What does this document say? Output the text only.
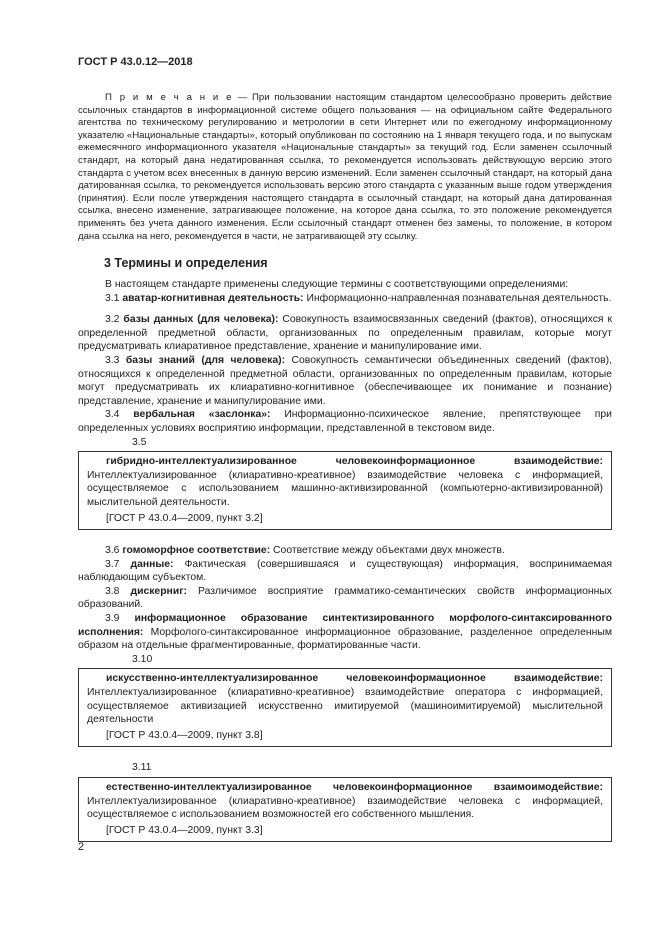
ГОСТ Р 43.0.12—2018

П р и м е ч а н и е — При пользовании настоящим стандартом целесообразно проверить действие ссылочных стандартов в информационной системе общего пользования — на официальном сайте Федерального агентства по техническому регулированию и метрологии в сети Интернет или по ежегодному информационному указателю «Национальные стандарты», который опубликован по состоянию на 1 января текущего года, и по выпускам ежемесячного информационного указателя «Национальные стандарты» за текущий год. Если заменен ссылочный стандарт, на который дана недатированная ссылка, то рекомендуется использовать действующую версию этого стандарта с учетом всех внесенных в данную версию изменений. Если заменен ссылочный стандарт, на который дана датированная ссылка, то рекомендуется использовать версию этого стандарта с указанным выше годом утверждения (принятия). Если после утверждения настоящего стандарта в ссылочный стандарт, на который дана датированная ссылка, внесено изменение, затрагивающее положение, на которое дана ссылка, то это положение рекомендуется применять без учета данного изменения. Если ссылочный стандарт отменен без замены, то положение, в котором дана ссылка на него, рекомендуется в части, не затрагивающей эту ссылку.

3 Термины и определения

В настоящем стандарте применены следующие термины с соответствующими определениями:

3.1 аватар-когнитивная деятельность: Информационно-направленная познавательная деятельность.

3.2 базы данных (для человека): Совокупность взаимосвязанных сведений (фактов), относящихся к определенной предметной области, организованных по определенным правилам, которые могут предусматривать клиаративное представление, хранение и манипулирование ими.

3.3 базы знаний (для человека): Совокупность семантически объединенных сведений (фактов), относящихся к определенной предметной области, организованных по определенным правилам, которые могут предусматривать их клиаративно-когнитивное (обеспечивающее их понимание и познание) представление, хранение и манипулирование ими.

3.4 вербальная «заслонка»: Информационно-психическое явление, препятствующее при определенных условиях восприятию информации, представленной в текстовом виде.

3.5

гибридно-интеллектуализированное человекоинформационное взаимодействие: Интеллектуализированное (клиаративно-креативное) взаимодействие человека с информацией, осуществляемое с использованием машинно-активизированной (компьютерно-активизированной) мыслительной деятельности.

[ГОСТ Р 43.0.4—2009, пункт 3.2]

3.6 гомоморфное соответствие: Соответствие между объектами двух множеств.

3.7 данные: Фактическая (совершившаяся и существующая) информация, воспринимаемая наблюдающим субъектом.

3.8 дискерниг: Различимое восприятие грамматико-семантических свойств информационных образований.

3.9 информационное образование синтектизированного морфолого-синтаксированного исполнения: Морфолого-синтаксированное информационное образование, разделенное определенным образом на отдельные фрагментированные, форматированные части.

3.10

искусственно-интеллектуализированное человекоинформационное взаимодействие: Интеллектуализированное (клиаративно-креативное) взаимодействие оператора с информацией, осуществляемое активизацией искусственно имитируемой (машиноимитируемой) мыслительной деятельности

[ГОСТ Р 43.0.4—2009, пункт 3.8]

3.11

естественно-интеллектуализированное человекоинформационное взаимоимодействие: Интеллектуализированное (клиаративно-креативное) взаимодействие человека с информацией, осуществляемое с использованием возможностей его собственного мышления.

[ГОСТ Р 43.0.4—2009, пункт 3.3]

2
